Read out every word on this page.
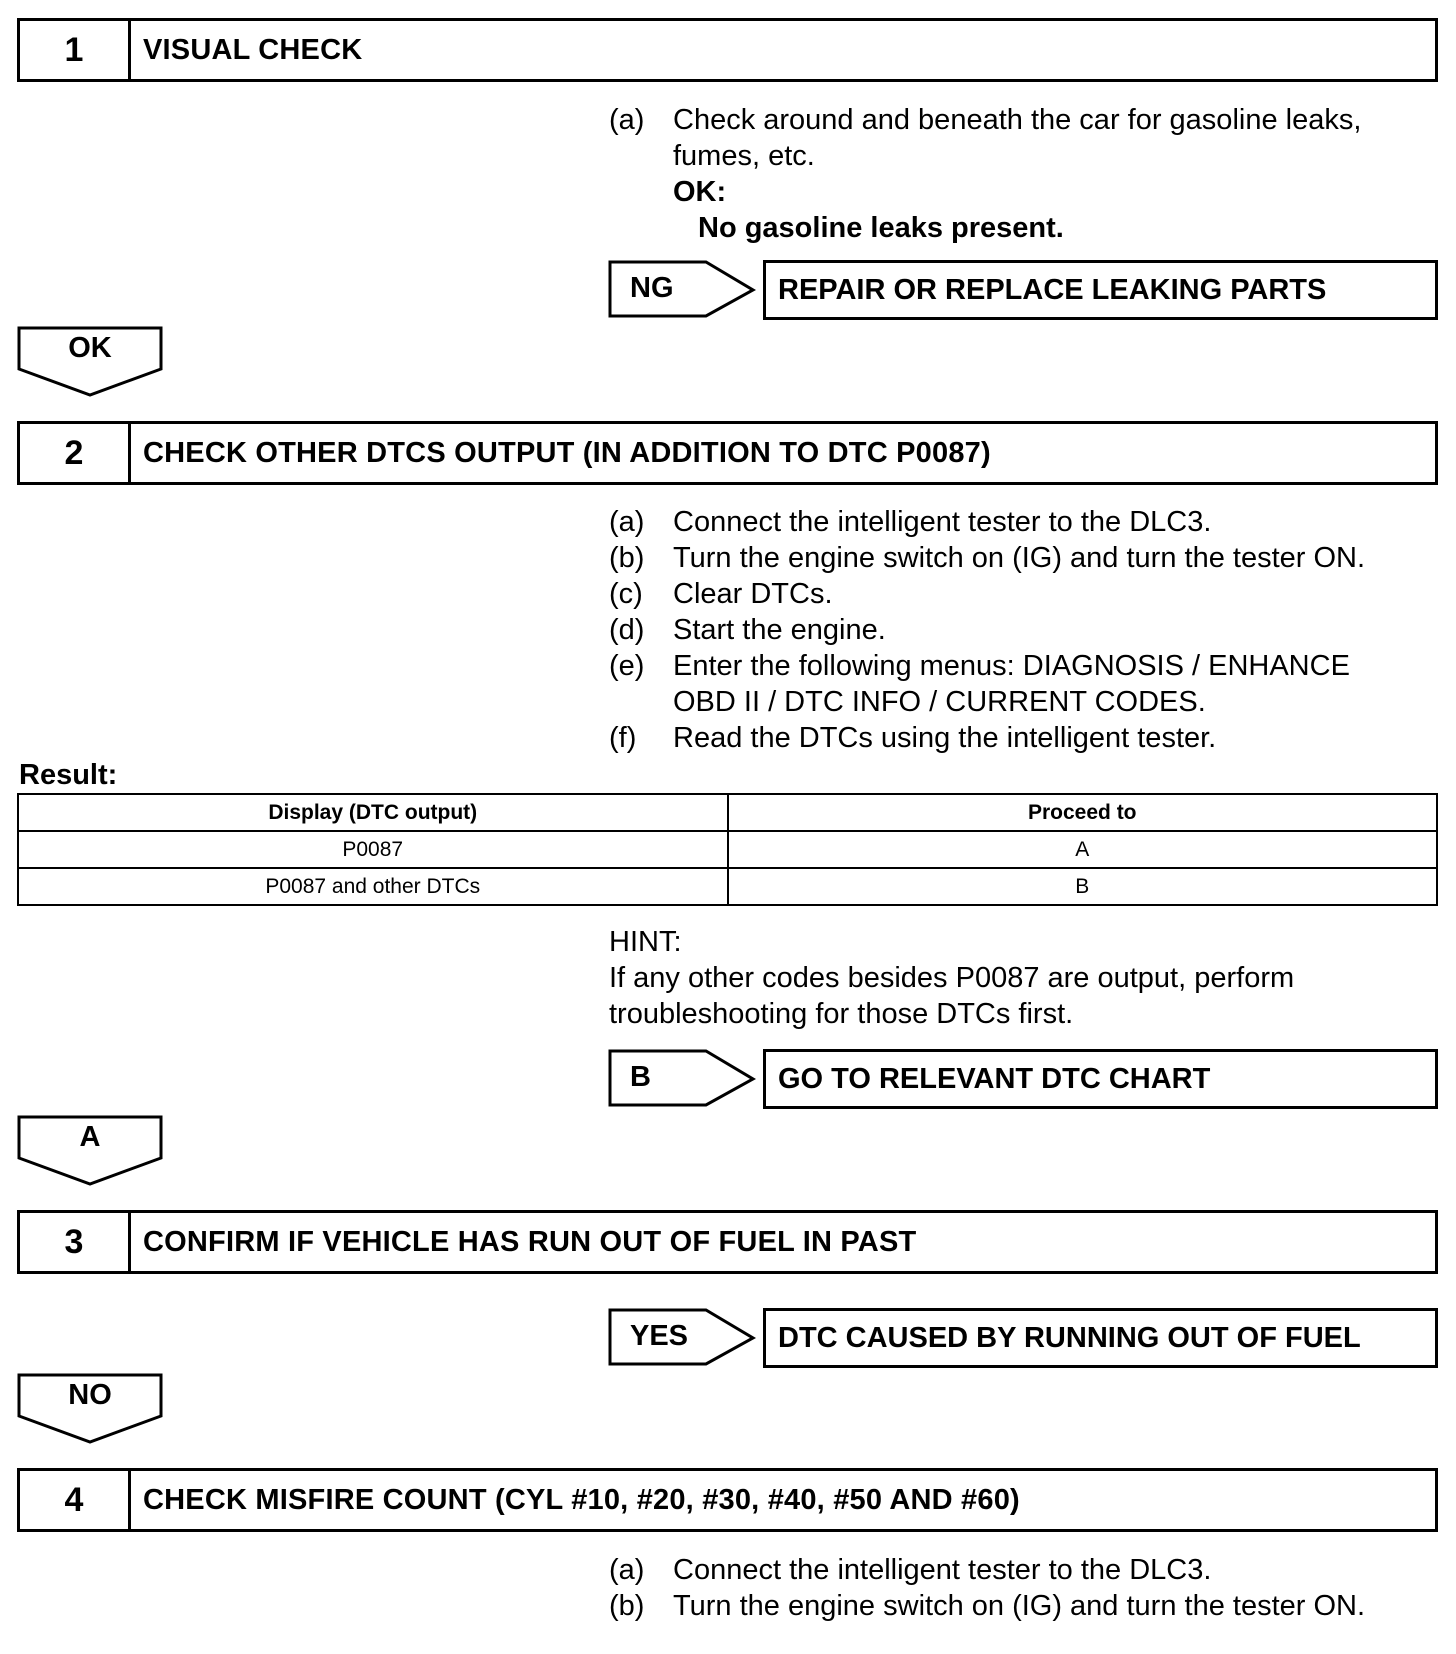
1	VISUAL CHECK
(a) Check around and beneath the car for gasoline leaks, fumes, etc.
OK:
No gasoline leaks present.
NG	REPAIR OR REPLACE LEAKING PARTS
OK
2	CHECK OTHER DTCS OUTPUT (IN ADDITION TO DTC P0087)
(a) Connect the intelligent tester to the DLC3.
(b) Turn the engine switch on (IG) and turn the tester ON.
(c)	Clear DTCs.
(d) Start the engine.
(e) Enter the following menus: DIAGNOSIS / ENHANCE OBD II / DTC INFO / CURRENT CODES.
(f)	Read the DTCs using the intelligent tester.
Result:
Display (DTC output)	Proceed to
P0087	A
P0087 and other DTCs	B
HINT:
If any other codes besides P0087 are output, perform troubleshooting for those DTCs first.
B	GO TO RELEVANT DTC CHART
A
3	CONFIRM IF VEHICLE HAS RUN OUT OF FUEL IN PAST
YES	DTC CAUSED BY RUNNING OUT OF FUEL
NO
4	CHECK MISFIRE COUNT (CYL #10, #20, #30, #40, #50 AND #60)
(a) Connect the intelligent tester to the DLC3.
(b) Turn the engine switch on (IG) and turn the tester ON.
